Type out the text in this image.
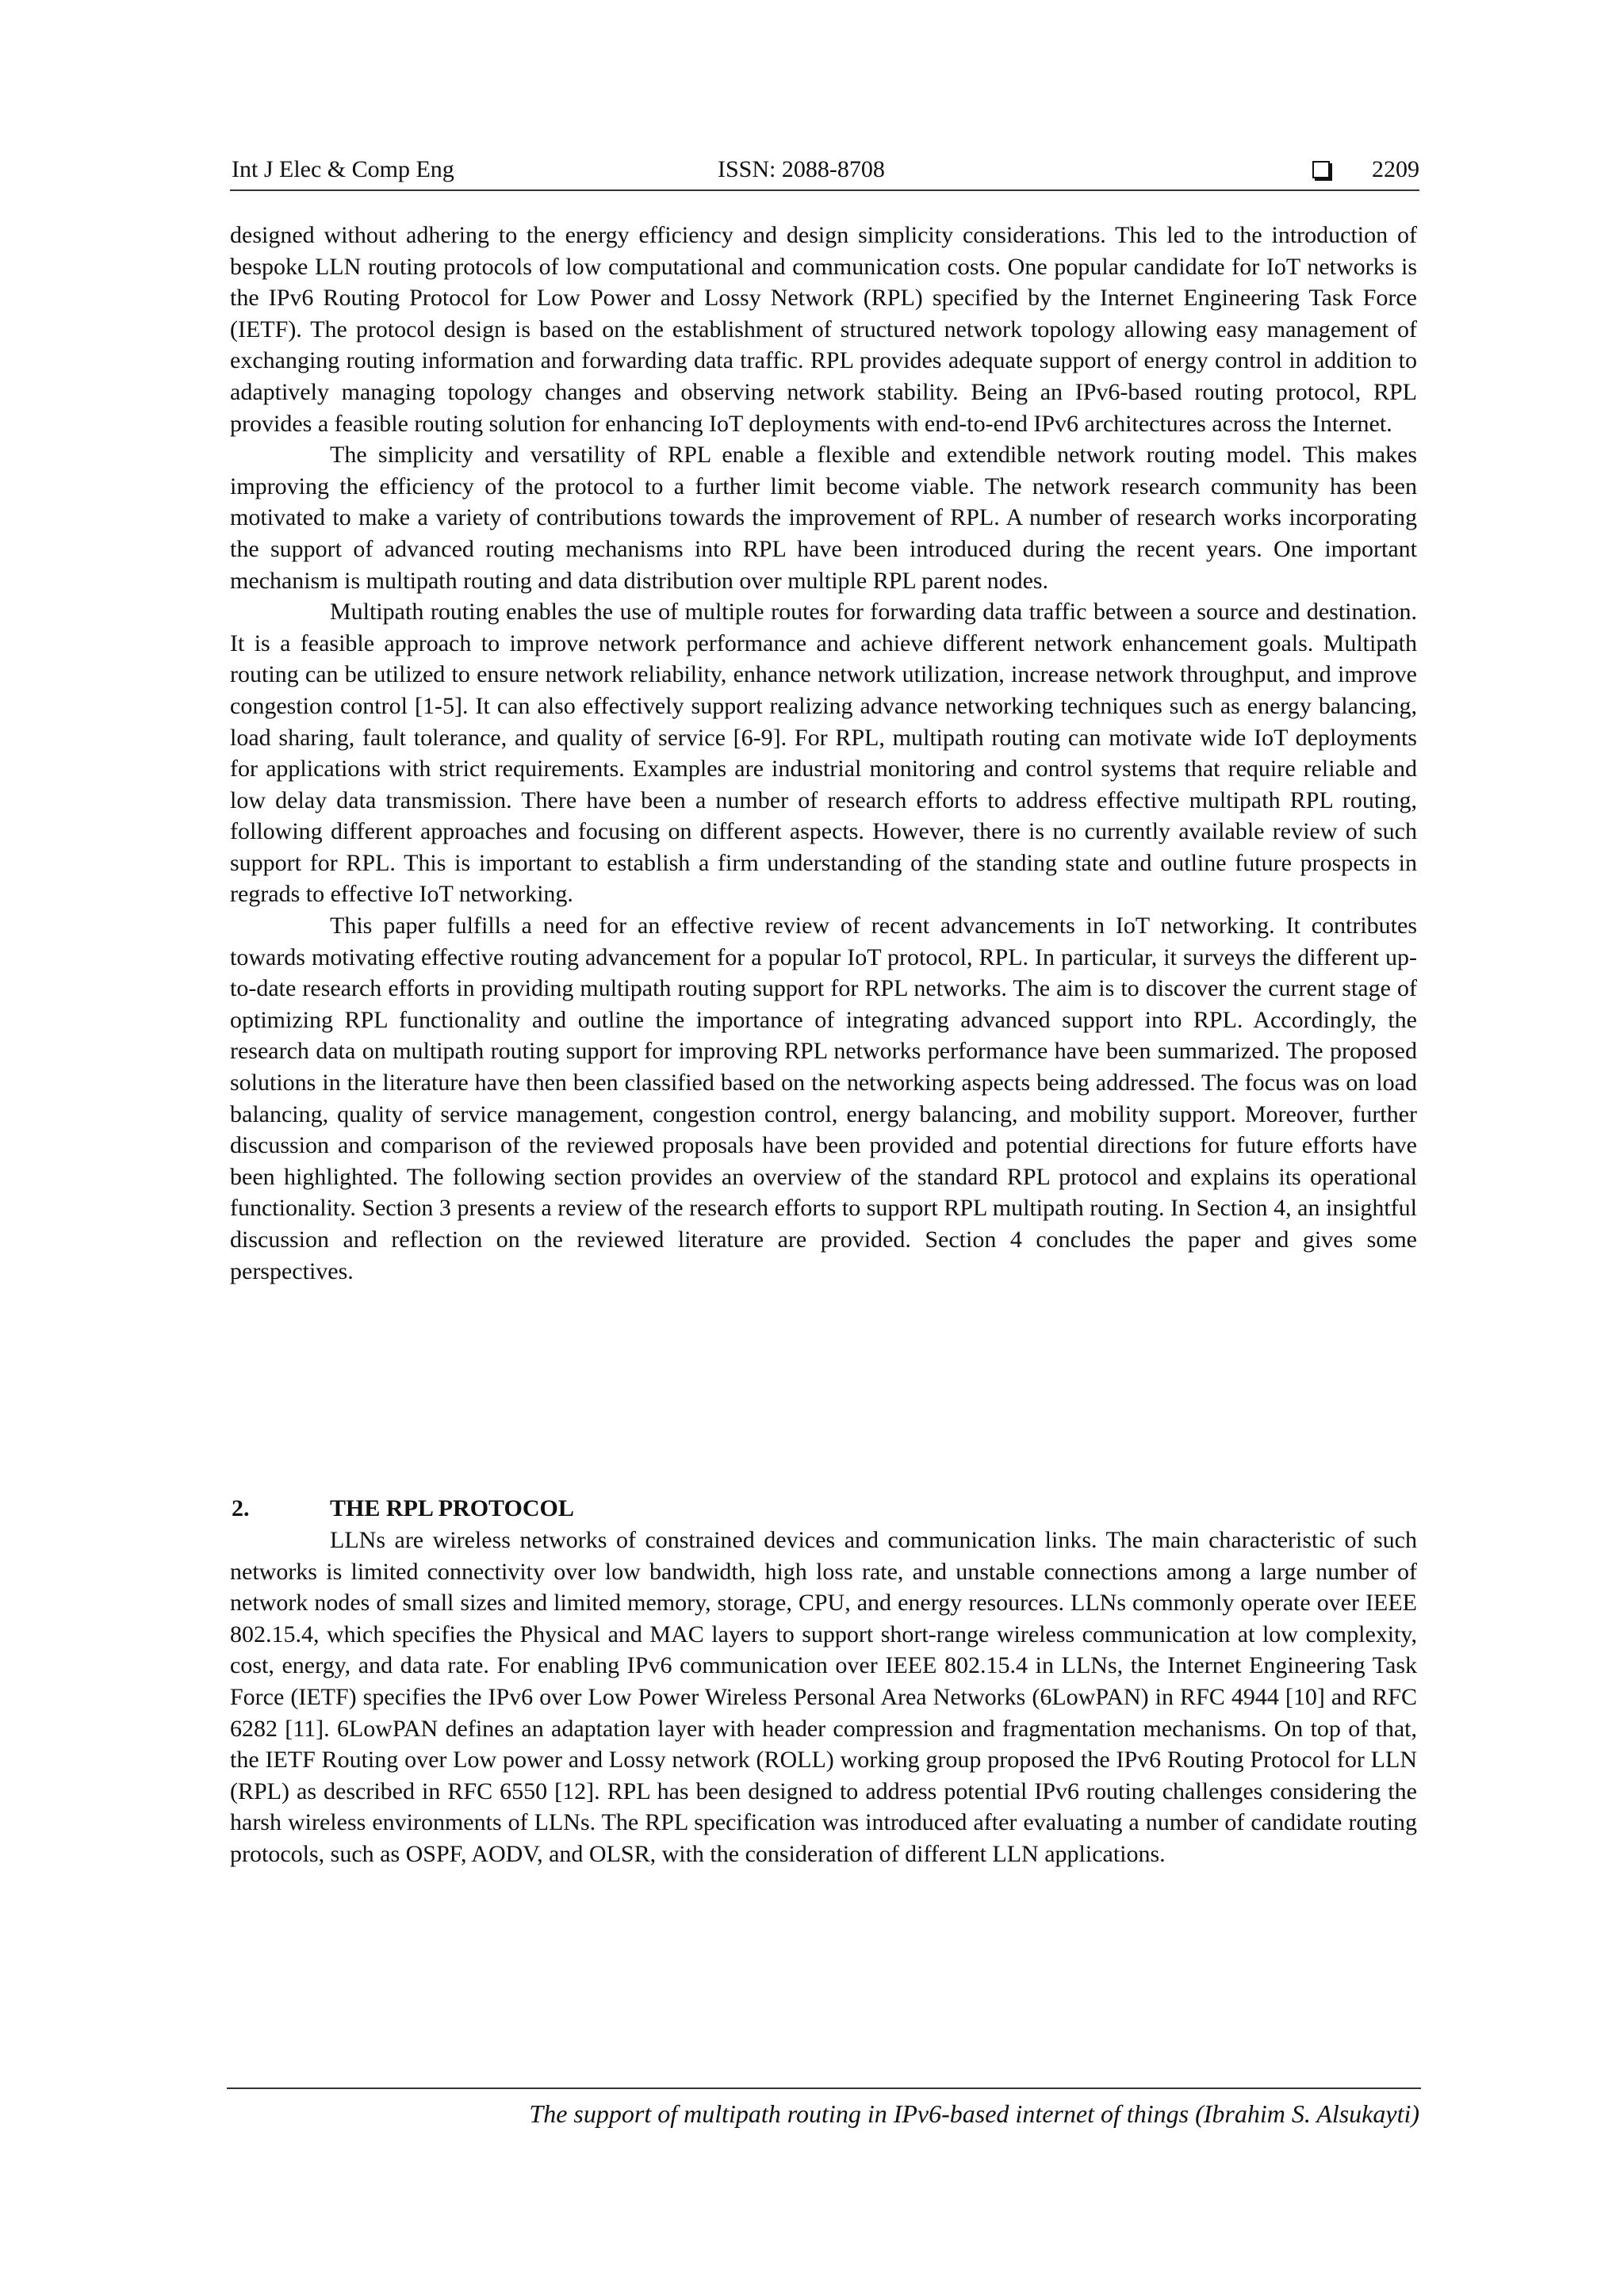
Int J Elec & Comp Eng	ISSN: 2088-8708	2209

designed without adhering to the energy efficiency and design simplicity considerations. This led to the introduction of bespoke LLN routing protocols of low computational and communication costs. One popular candidate for IoT networks is the IPv6 Routing Protocol for Low Power and Lossy Network (RPL) specified by the Internet Engineering Task Force (IETF). The protocol design is based on the establishment of structured network topology allowing easy management of exchanging routing information and forwarding data traffic. RPL provides adequate support of energy control in addition to adaptively managing topology changes and observing network stability. Being an IPv6-based routing protocol, RPL provides a feasible routing solution for enhancing IoT deployments with end-to-end IPv6 architectures across the Internet.

The simplicity and versatility of RPL enable a flexible and extendible network routing model. This makes improving the efficiency of the protocol to a further limit become viable. The network research community has been motivated to make a variety of contributions towards the improvement of RPL. A number of research works incorporating the support of advanced routing mechanisms into RPL have been introduced during the recent years. One important mechanism is multipath routing and data distribution over multiple RPL parent nodes.

Multipath routing enables the use of multiple routes for forwarding data traffic between a source and destination. It is a feasible approach to improve network performance and achieve different network enhancement goals. Multipath routing can be utilized to ensure network reliability, enhance network utilization, increase network throughput, and improve congestion control [1-5]. It can also effectively support realizing advance networking techniques such as energy balancing, load sharing, fault tolerance, and quality of service [6-9]. For RPL, multipath routing can motivate wide IoT deployments for applications with strict requirements. Examples are industrial monitoring and control systems that require reliable and low delay data transmission. There have been a number of research efforts to address effective multipath RPL routing, following different approaches and focusing on different aspects. However, there is no currently available review of such support for RPL. This is important to establish a firm understanding of the standing state and outline future prospects in regrads to effective IoT networking.

This paper fulfills a need for an effective review of recent advancements in IoT networking. It contributes towards motivating effective routing advancement for a popular IoT protocol, RPL. In particular, it surveys the different up-to-date research efforts in providing multipath routing support for RPL networks. The aim is to discover the current stage of optimizing RPL functionality and outline the importance of integrating advanced support into RPL. Accordingly, the research data on multipath routing support for improving RPL networks performance have been summarized. The proposed solutions in the literature have then been classified based on the networking aspects being addressed. The focus was on load balancing, quality of service management, congestion control, energy balancing, and mobility support. Moreover, further discussion and comparison of the reviewed proposals have been provided and potential directions for future efforts have been highlighted. The following section provides an overview of the standard RPL protocol and explains its operational functionality. Section 3 presents a review of the research efforts to support RPL multipath routing. In Section 4, an insightful discussion and reflection on the reviewed literature are provided. Section 4 concludes the paper and gives some perspectives.

2.	THE RPL PROTOCOL

LLNs are wireless networks of constrained devices and communication links. The main characteristic of such networks is limited connectivity over low bandwidth, high loss rate, and unstable connections among a large number of network nodes of small sizes and limited memory, storage, CPU, and energy resources. LLNs commonly operate over IEEE 802.15.4, which specifies the Physical and MAC layers to support short-range wireless communication at low complexity, cost, energy, and data rate. For enabling IPv6 communication over IEEE 802.15.4 in LLNs, the Internet Engineering Task Force (IETF) specifies the IPv6 over Low Power Wireless Personal Area Networks (6LowPAN) in RFC 4944 [10] and RFC 6282 [11]. 6LowPAN defines an adaptation layer with header compression and fragmentation mechanisms. On top of that, the IETF Routing over Low power and Lossy network (ROLL) working group proposed the IPv6 Routing Protocol for LLN (RPL) as described in RFC 6550 [12]. RPL has been designed to address potential IPv6 routing challenges considering the harsh wireless environments of LLNs. The RPL specification was introduced after evaluating a number of candidate routing protocols, such as OSPF, AODV, and OLSR, with the consideration of different LLN applications.

The support of multipath routing in IPv6-based internet of things (Ibrahim S. Alsukayti)
